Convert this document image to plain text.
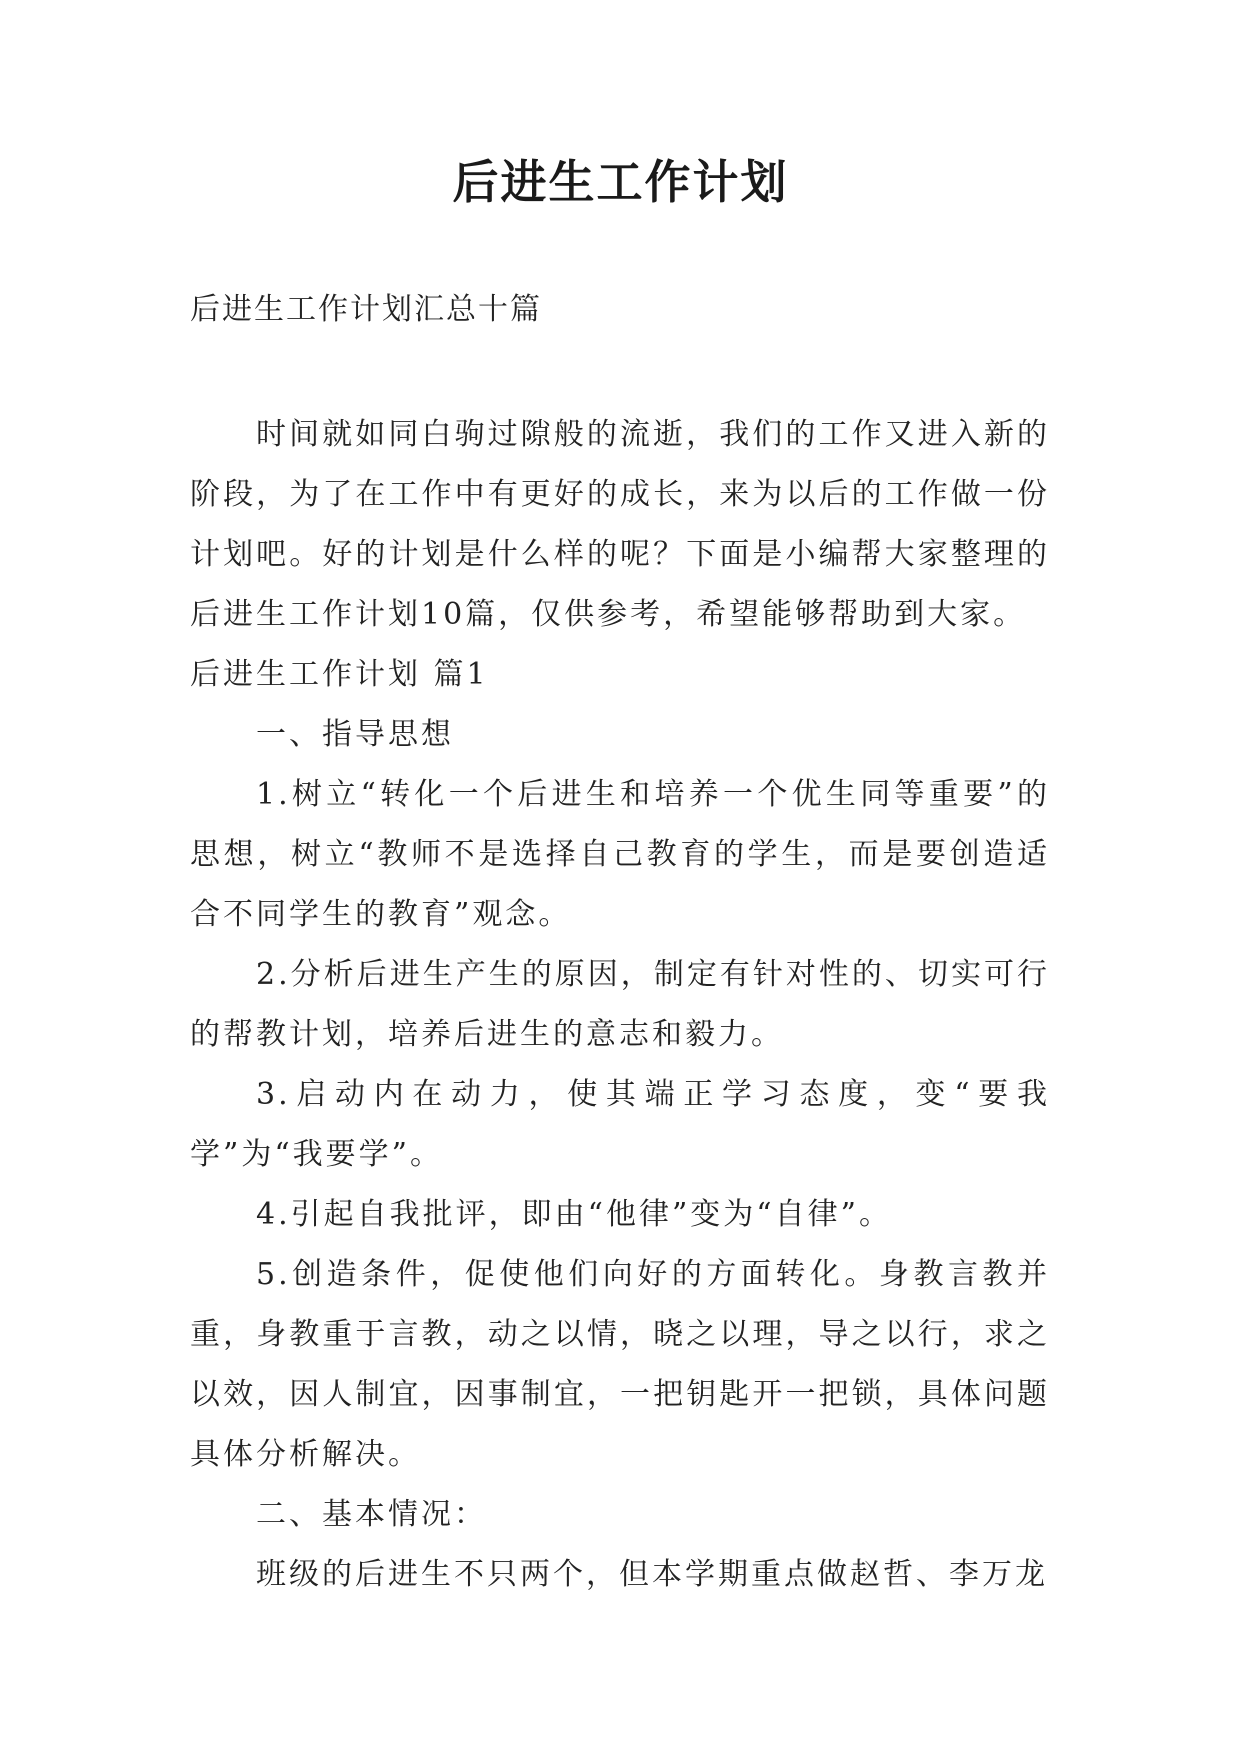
后进生工作计划
后进生工作计划汇总十篇

时间就如同白驹过隙般的流逝，我们的工作又进入新的阶段，为了在工作中有更好的成长，来为以后的工作做一份计划吧。好的计划是什么样的呢？下面是小编帮大家整理的后进生工作计划10篇，仅供参考，希望能够帮助到大家。

后进生工作计划 篇1

一、指导思想

1.树立“转化一个后进生和培养一个优生同等重要”的思想，树立“教师不是选择自己教育的学生，而是要创造适合不同学生的教育”观念。

2.分析后进生产生的原因，制定有针对性的、切实可行的帮教计划，培养后进生的意志和毅力。

3.启动内在动力，使其端正学习态度，变“要我学”为“我要学”。

4.引起自我批评，即由“他律”变为“自律”。

5.创造条件，促使他们向好的方面转化。身教言教并重，身教重于言教，动之以情，晓之以理，导之以行，求之以效，因人制宜，因事制宜，一把钥匙开一把锁，具体问题具体分析解决。

二、基本情况：

班级的后进生不只两个，但本学期重点做赵哲、李万龙
